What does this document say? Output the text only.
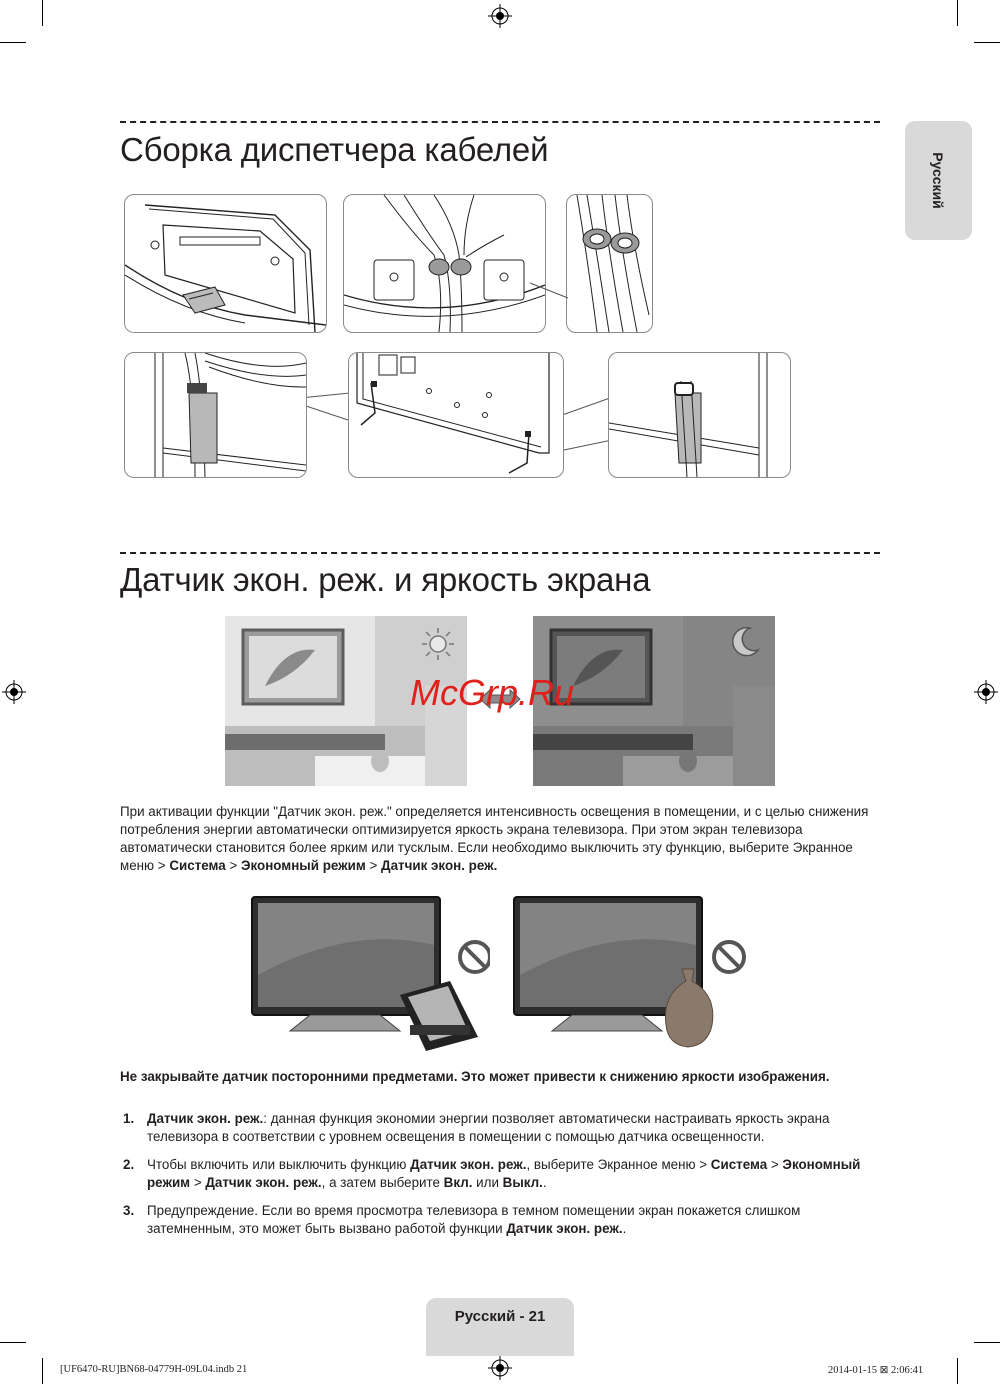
Русский
Сборка диспетчера кабелей
Датчик экон. реж. и яркость экрана
McGrp.Ru
При активации функции "Датчик экон. реж." определяется интенсивность освещения в помещении, и с целью снижения потребления энергии автоматически оптимизируется яркость экрана телевизора. При этом экран телевизора автоматически становится более ярким или тусклым. Если необходимо выключить эту функцию, выберите Экранное меню > Система > Экономный режим > Датчик экон. реж.
Не закрывайте датчик посторонними предметами. Это может привести к снижению яркости изображения.
1. Датчик экон. реж.: данная функция экономии энергии позволяет автоматически настраивать яркость экрана телевизора в соответствии с уровнем освещения в помещении с помощью датчика освещенности.
2. Чтобы включить или выключить функцию Датчик экон. реж., выберите Экранное меню > Система > Экономный режим > Датчик экон. реж., а затем выберите Вкл. или Выкл..
3. Предупреждение. Если во время просмотра телевизора в темном помещении экран покажется слишком затемненным, это может быть вызвано работой функции Датчик экон. реж..
Русский - 21
[UF6470-RU]BN68-04779H-09L04.indb 21	2014-01-15 ⊠ 2:06:41
